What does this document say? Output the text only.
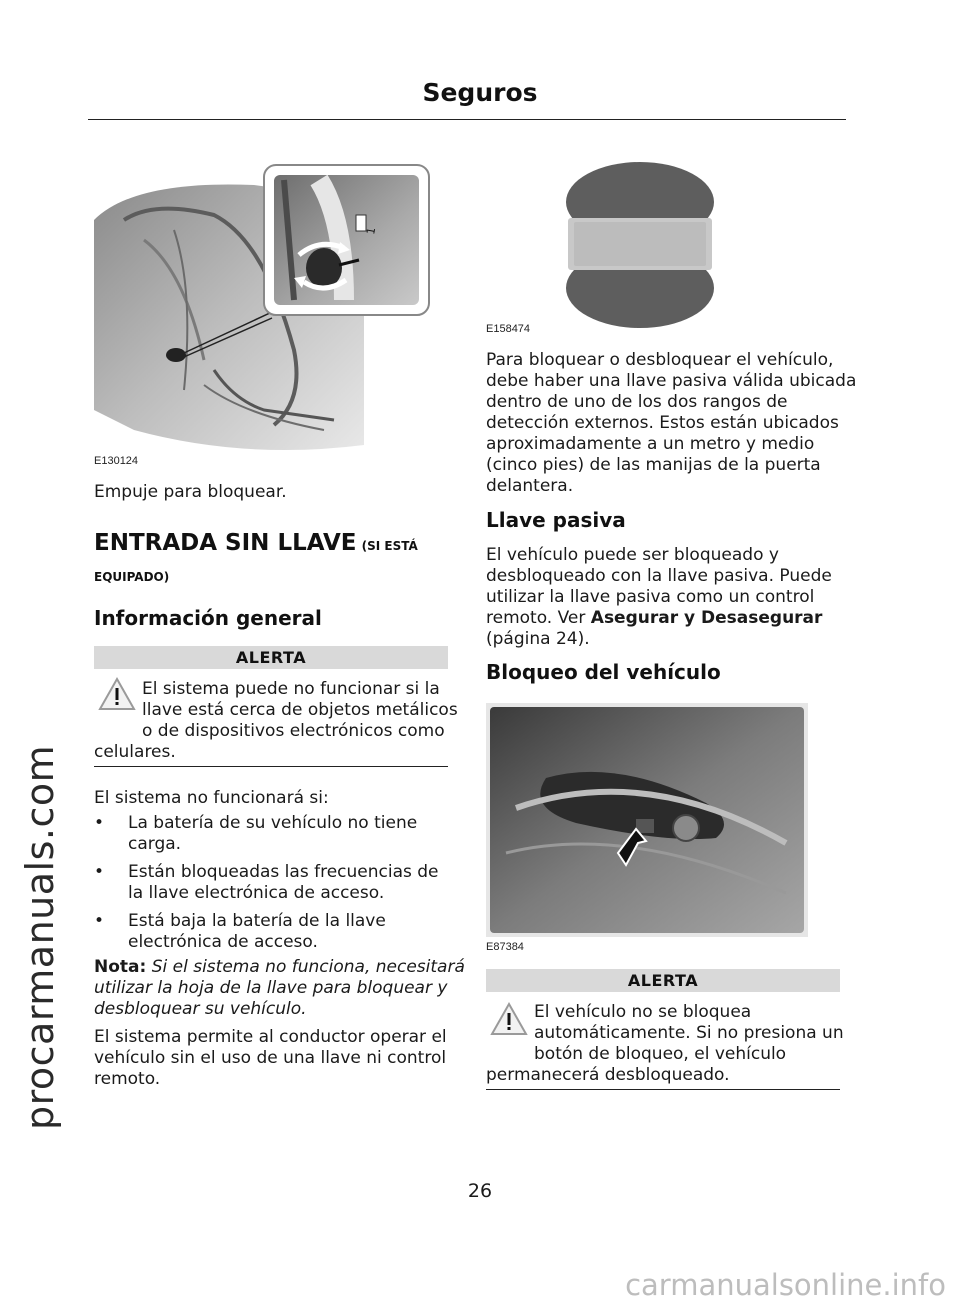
Seguros
procarmanuals.com
1
E130124
Empuje para bloquear.
ENTRADA SIN LLAVE (SI ESTÁ
EQUIPADO)
Información general
ALERTA
El sistema puede no funcionar si la
llave está cerca de objetos metálicos
o de dispositivos electrónicos como
celulares.
El sistema no funcionará si:
•	La batería de su vehículo no tiene
carga.
•	Están bloqueadas las frecuencias de
la llave electrónica de acceso.
•	Está baja la batería de la llave
electrónica de acceso.
Nota: Si el sistema no funciona, necesitará
utilizar la hoja de la llave para bloquear y
desbloquear su vehículo.
El sistema permite al conductor operar el
vehículo sin el uso de una llave ni control
remoto.
E158474
Para bloquear o desbloquear el vehículo,
debe haber una llave pasiva válida ubicada
dentro de uno de los dos rangos de
detección externos. Estos están ubicados
aproximadamente a un metro y medio
(cinco pies) de las manijas de la puerta
delantera.
Llave pasiva
El vehículo puede ser bloqueado y
desbloqueado con la llave pasiva. Puede
utilizar la llave pasiva como un control
remoto. Ver Asegurar y Desasegurar
(página 24).
Bloqueo del vehículo
E87384
ALERTA
El vehículo no se bloquea
automáticamente. Si no presiona un
botón de bloqueo, el vehículo
permanecerá desbloqueado.
26
carmanualsonline.info
